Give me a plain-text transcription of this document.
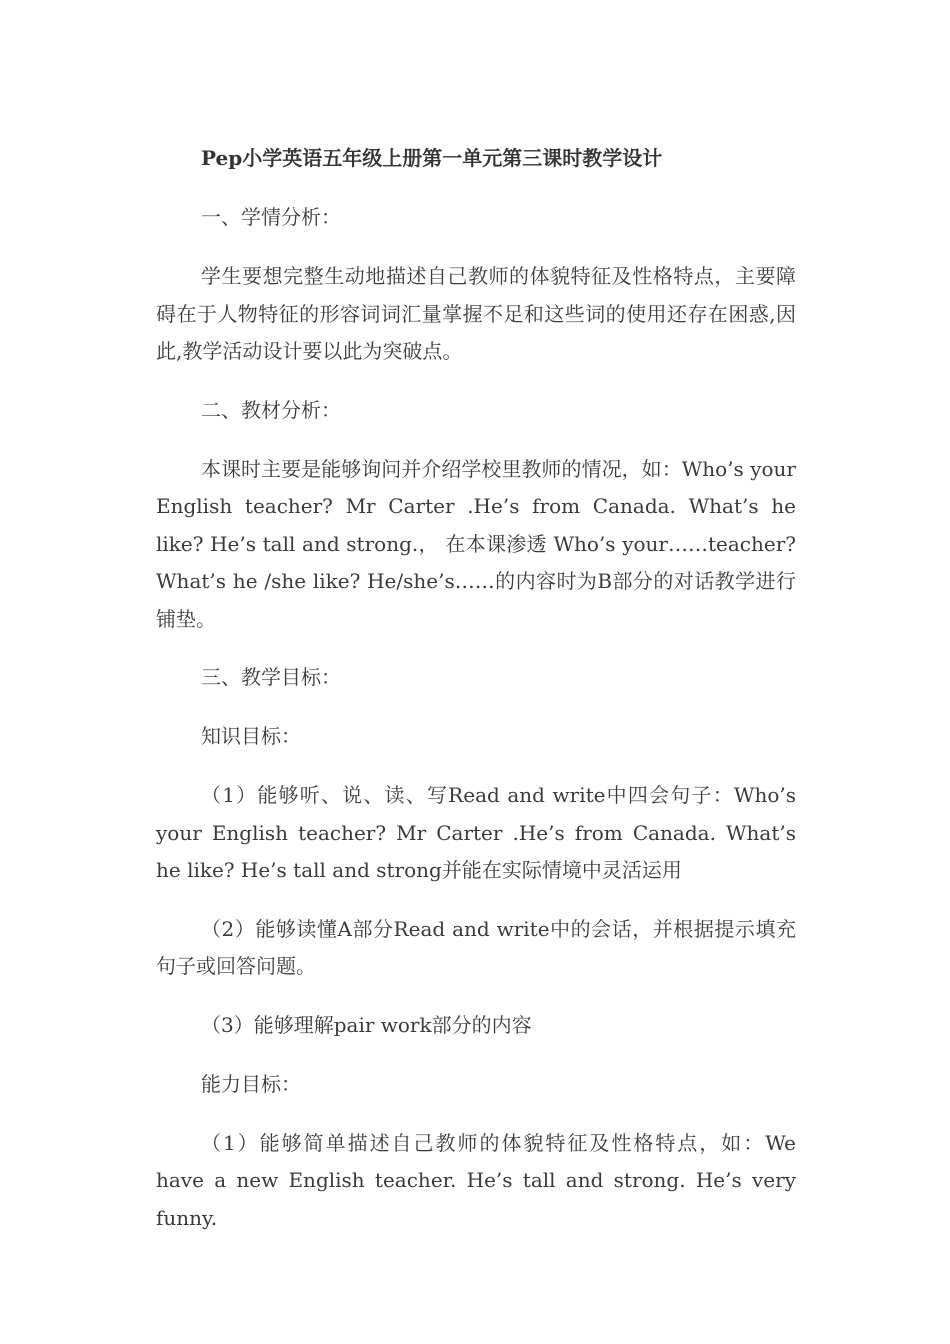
Pep小学英语五年级上册第一单元第三课时教学设计
一、学情分析：
学生要想完整生动地描述自己教师的体貌特征及性格特点，主要障碍在于人物特征的形容词词汇量掌握不足和这些词的使用还存在困惑,因此,教学活动设计要以此为突破点。
二、教材分析：
本课时主要是能够询问并介绍学校里教师的情况，如：Who’s your English teacher? Mr Carter .He’s from Canada. What’s he like? He’s tall and strong.， 在本课渗透 Who’s your……teacher? What’s he /she like? He/she’s……的内容时为B部分的对话教学进行铺垫。
三、教学目标：
知识目标：
（1）能够听、说、读、写Read and write中四会句子：Who’s your English teacher? Mr Carter .He’s from Canada. What’s he like? He’s tall and strong并能在实际情境中灵活运用
（2）能够读懂A部分Read and write中的会话，并根据提示填充句子或回答问题。
（3）能够理解pair work部分的内容
能力目标：
（1）能够简单描述自己教师的体貌特征及性格特点，如：We have a new English teacher. He’s tall and strong. He’s very funny.
